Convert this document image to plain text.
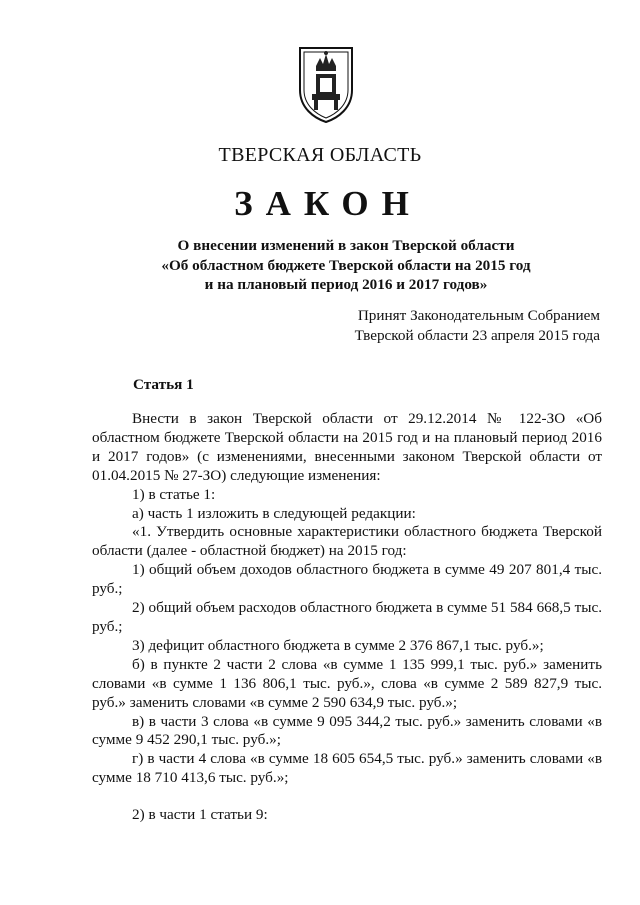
ТВЕРСКАЯ ОБЛАСТЬ
ЗАКОН
О внесении изменений в закон Тверской области
«Об областном бюджете Тверской области на 2015 год
и на плановый период 2016 и 2017 годов»
Принят Законодательным Собранием
Тверской области 23 апреля 2015 года
Статья 1

Внести в закон Тверской области от 29.12.2014 № 122-ЗО «Об областном бюджете Тверской области на 2015 год и на плановый период 2016 и 2017 годов» (с изменениями, внесенными законом Тверской области от 01.04.2015 № 27-ЗО) следующие изменения:

1) в статье 1:

а) часть 1 изложить в следующей редакции:

«1. Утвердить основные характеристики областного бюджета Тверской области (далее - областной бюджет) на 2015 год:

1) общий объем доходов областного бюджета в сумме 49 207 801,4 тыс. руб.;

2) общий объем расходов областного бюджета в сумме 51 584 668,5 тыс. руб.;

3) дефицит областного бюджета в сумме 2 376 867,1 тыс. руб.»;

б) в пункте 2 части 2 слова «в сумме 1 135 999,1 тыс. руб.» заменить словами «в сумме 1 136 806,1 тыс. руб.», слова «в сумме 2 589 827,9 тыс. руб.» заменить словами «в сумме 2 590 634,9 тыс. руб.»;

в) в части 3 слова «в сумме 9 095 344,2 тыс. руб.» заменить словами «в сумме 9 452 290,1 тыс. руб.»;

г) в части 4 слова «в сумме 18 605 654,5 тыс. руб.» заменить словами «в сумме 18 710 413,6 тыс. руб.»;

2) в части 1 статьи 9:
